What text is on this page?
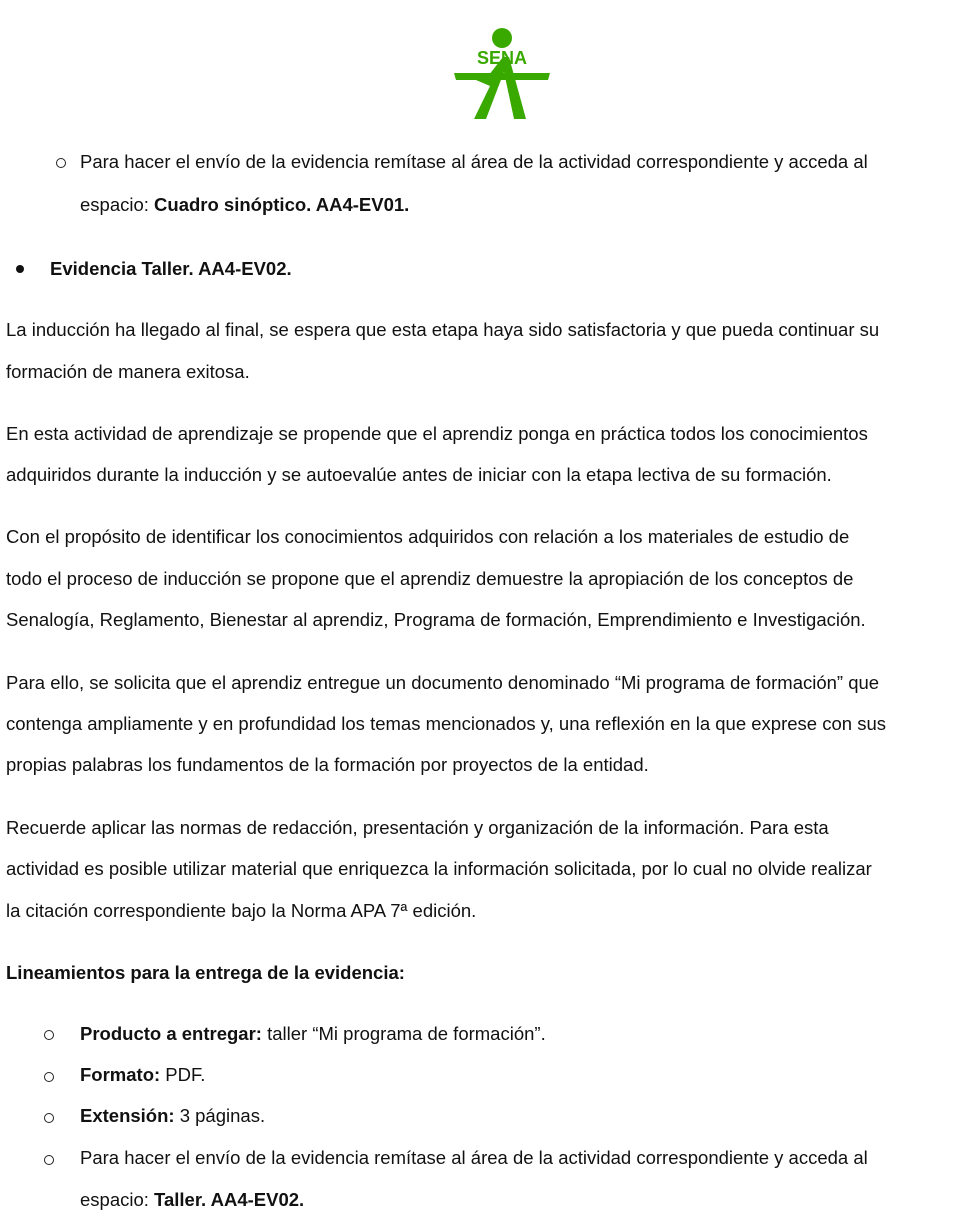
SENA
Para hacer el envío de la evidencia remítase al área de la actividad correspondiente y acceda al
espacio: Cuadro sinóptico. AA4-EV01.
Evidencia Taller. AA4-EV02.
La inducción ha llegado al final, se espera que esta etapa haya sido satisfactoria y que pueda continuar su
formación de manera exitosa.
En esta actividad de aprendizaje se propende que el aprendiz ponga en práctica todos los conocimientos
adquiridos durante la inducción y se autoevalúe antes de iniciar con la etapa lectiva de su formación.
Con el propósito de identificar los conocimientos adquiridos con relación a los materiales de estudio de
todo el proceso de inducción se propone que el aprendiz demuestre la apropiación de los conceptos de
Senalogía, Reglamento, Bienestar al aprendiz, Programa de formación, Emprendimiento e Investigación.
Para ello, se solicita que el aprendiz entregue un documento denominado “Mi programa de formación” que
contenga ampliamente y en profundidad los temas mencionados y, una reflexión en la que exprese con sus
propias palabras los fundamentos de la formación por proyectos de la entidad.
Recuerde aplicar las normas de redacción, presentación y organización de la información. Para esta
actividad es posible utilizar material que enriquezca la información solicitada, por lo cual no olvide realizar
la citación correspondiente bajo la Norma APA 7ª edición.
Lineamientos para la entrega de la evidencia:
Producto a entregar: taller “Mi programa de formación”.
Formato: PDF.
Extensión: 3 páginas.
Para hacer el envío de la evidencia remítase al área de la actividad correspondiente y acceda al
espacio: Taller. AA4-EV02.
